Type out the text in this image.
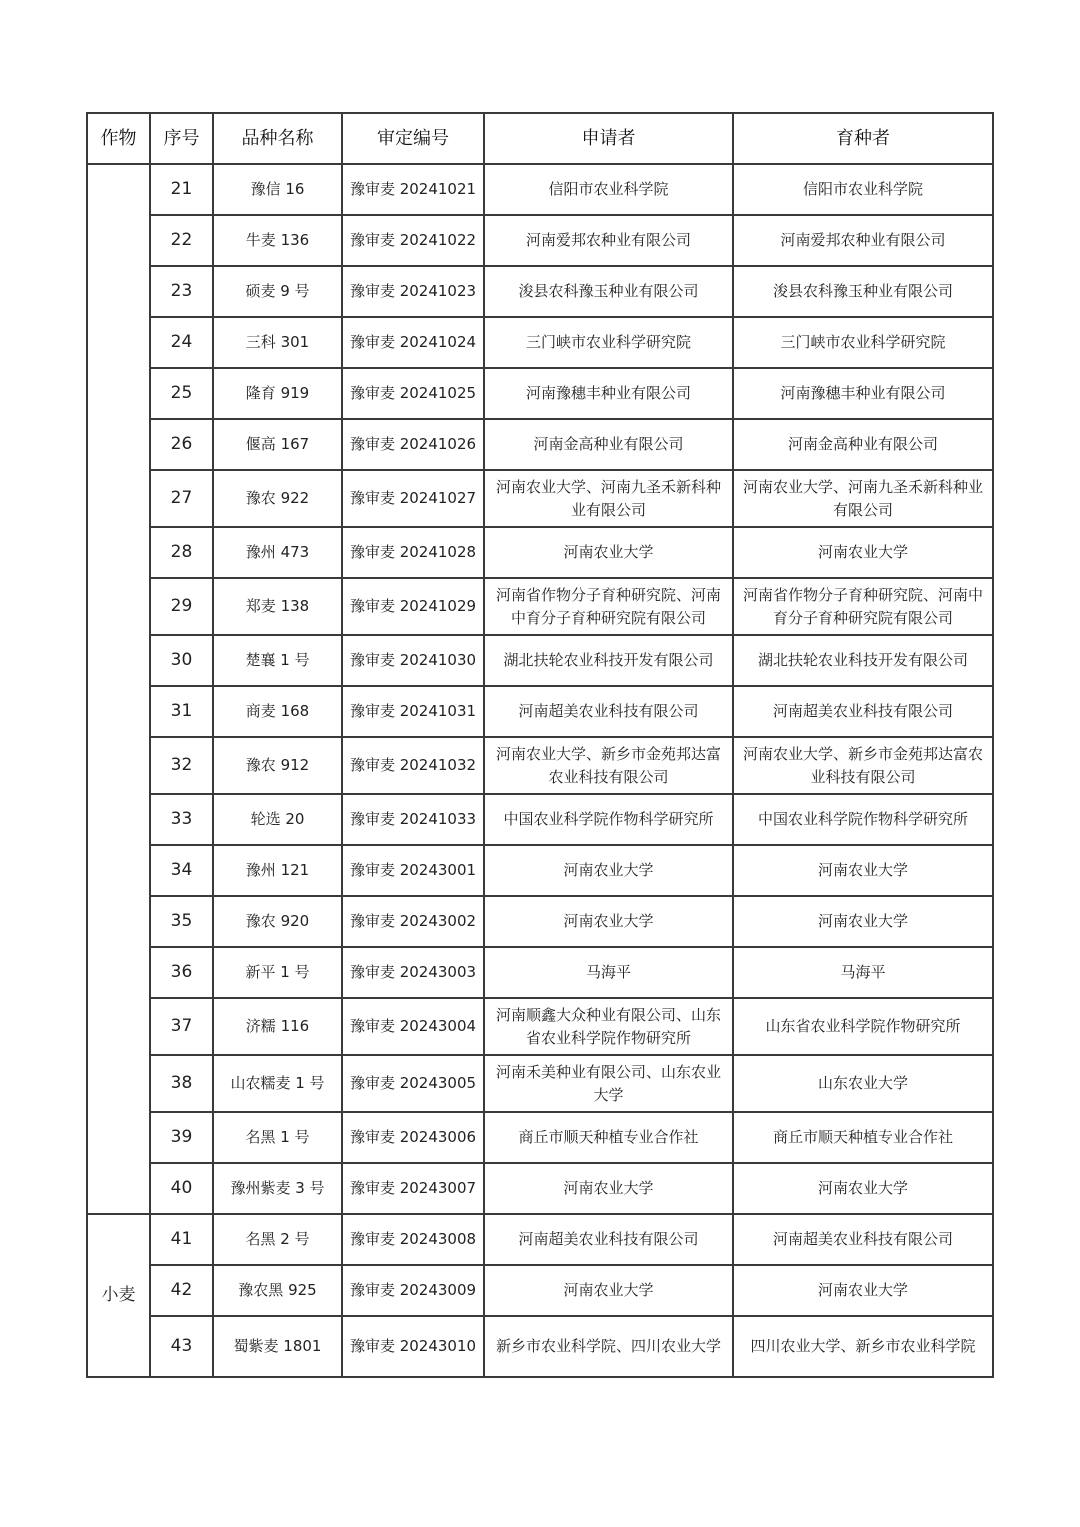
作物	序号	品种名称	审定编号	申请者	育种者
	21	豫信 16	豫审麦 20241021	信阳市农业科学院	信阳市农业科学院
	22	牛麦 136	豫审麦 20241022	河南爱邦农种业有限公司	河南爱邦农种业有限公司
	23	硕麦 9 号	豫审麦 20241023	浚县农科豫玉种业有限公司	浚县农科豫玉种业有限公司
	24	三科 301	豫审麦 20241024	三门峡市农业科学研究院	三门峡市农业科学研究院
	25	隆育 919	豫审麦 20241025	河南豫穗丰种业有限公司	河南豫穗丰种业有限公司
	26	偃高 167	豫审麦 20241026	河南金高种业有限公司	河南金高种业有限公司
	27	豫农 922	豫审麦 20241027	河南农业大学、河南九圣禾新科种业有限公司	河南农业大学、河南九圣禾新科种业有限公司
	28	豫州 473	豫审麦 20241028	河南农业大学	河南农业大学
	29	郑麦 138	豫审麦 20241029	河南省作物分子育种研究院、河南中育分子育种研究院有限公司	河南省作物分子育种研究院、河南中育分子育种研究院有限公司
	30	楚襄 1 号	豫审麦 20241030	湖北扶轮农业科技开发有限公司	湖北扶轮农业科技开发有限公司
	31	商麦 168	豫审麦 20241031	河南超美农业科技有限公司	河南超美农业科技有限公司
	32	豫农 912	豫审麦 20241032	河南农业大学、新乡市金苑邦达富农业科技有限公司	河南农业大学、新乡市金苑邦达富农业科技有限公司
	33	轮选 20	豫审麦 20241033	中国农业科学院作物科学研究所	中国农业科学院作物科学研究所
	34	豫州 121	豫审麦 20243001	河南农业大学	河南农业大学
	35	豫农 920	豫审麦 20243002	河南农业大学	河南农业大学
	36	新平 1 号	豫审麦 20243003	马海平	马海平
	37	济糯 116	豫审麦 20243004	河南顺鑫大众种业有限公司、山东省农业科学院作物研究所	山东省农业科学院作物研究所
	38	山农糯麦 1 号	豫审麦 20243005	河南禾美种业有限公司、山东农业大学	山东农业大学
	39	名黑 1 号	豫审麦 20243006	商丘市顺天种植专业合作社	商丘市顺天种植专业合作社
	40	豫州紫麦 3 号	豫审麦 20243007	河南农业大学	河南农业大学
小麦	41	名黑 2 号	豫审麦 20243008	河南超美农业科技有限公司	河南超美农业科技有限公司
	42	豫农黑 925	豫审麦 20243009	河南农业大学	河南农业大学
	43	蜀紫麦 1801	豫审麦 20243010	新乡市农业科学院、四川农业大学	四川农业大学、新乡市农业科学院
